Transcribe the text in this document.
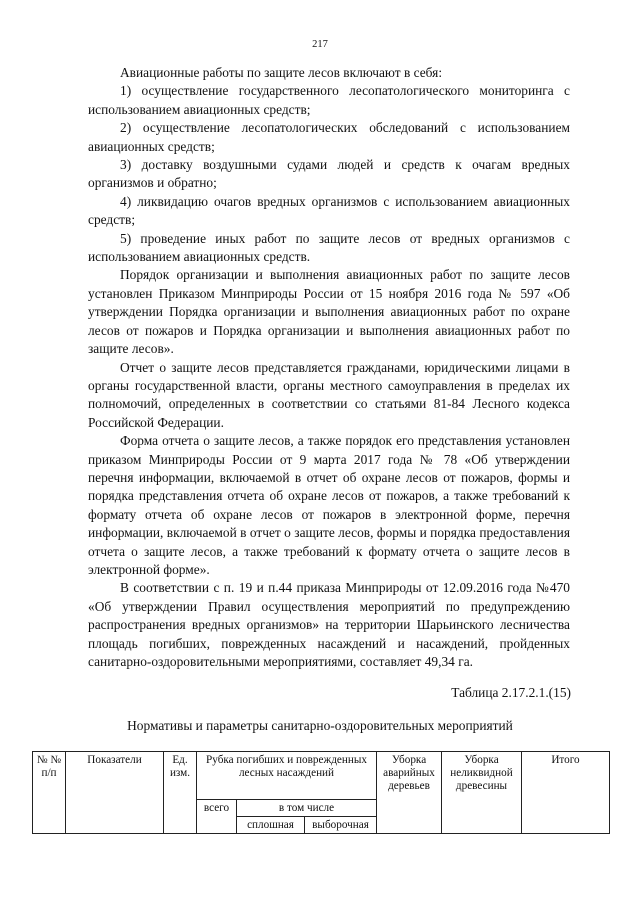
217

Авиационные работы по защите лесов включают в себя:

1) осуществление государственного лесопатологического мониторинга с использованием авиационных средств;

2) осуществление лесопатологических обследований с использованием авиационных средств;

3) доставку воздушными судами людей и средств к очагам вредных организмов и обратно;

4) ликвидацию очагов вредных организмов с использованием авиационных средств;

5) проведение иных работ по защите лесов от вредных организмов с использованием авиационных средств.

Порядок организации и выполнения авиационных работ по защите лесов установлен Приказом Минприроды России от 15 ноября 2016 года № 597 «Об утверждении Порядка организации и выполнения авиационных работ по охране лесов от пожаров и Порядка организации и выполнения авиационных работ по защите лесов».

Отчет о защите лесов представляется гражданами, юридическими лицами в органы государственной власти, органы местного самоуправления в пределах их полномочий, определенных в соответствии со статьями 81-84 Лесного кодекса Российской Федерации.

Форма отчета о защите лесов, а также порядок его представления установлен приказом Минприроды России от 9 марта 2017 года № 78 «Об утверждении перечня информации, включаемой в отчет об охране лесов от пожаров, формы и порядка представления отчета об охране лесов от пожаров, а также требований к формату отчета об охране лесов от пожаров в электронной форме, перечня информации, включаемой в отчет о защите лесов, формы и порядка предоставления отчета о защите лесов, а также требований к формату отчета о защите лесов в электронной форме».

В соответствии с п. 19 и п.44 приказа Минприроды от 12.09.2016 года №470 «Об утверждении Правил осуществления мероприятий по предупреждению распространения вредных организмов» на территории Шарьинского лесничества площадь погибших, поврежденных насаждений и насаждений, пройденных санитарно-оздоровительными мероприятиями, составляет 49,34 га.

Таблица 2.17.2.1.(15)
Нормативы и параметры санитарно-оздоровительных мероприятий
№ № п/п	Показатели	Ед. изм.	Рубка погибших и поврежденных лесных насаждений			Уборка аварийных деревьев	Уборка неликвидной древесины	Итого
			всего	в том числе				
				сплошная	выборочная			
